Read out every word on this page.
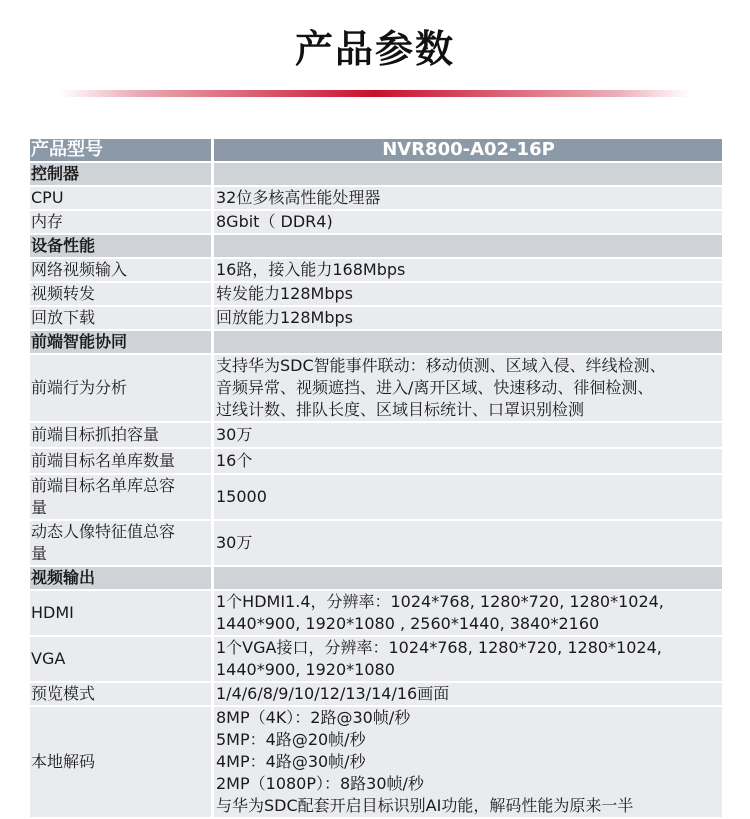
产品参数
产品型号	NVR800-A02-16P
控制器	
CPU	32位多核高性能处理器
内存	8Gbit（ DDR4)
设备性能	
网络视频输入	16路，接入能力168Mbps
视频转发	转发能力128Mbps
回放下载	回放能力128Mbps
前端智能协同	
前端行为分析	支持华为SDC智能事件联动：移动侦测、区域入侵、绊线检测、
音频异常、视频遮挡、进入/离开区域、快速移动、徘徊检测、
过线计数、排队长度、区域目标统计、口罩识别检测

前端目标抓拍容量	30万
前端目标名单库数量	16个

前端目标名单库总容
量	15000

动态人像特征值总容
量	30万
视频输出	
HDMI	1个HDMI1.4，分辨率：1024*768, 1280*720, 1280*1024,
1440*900, 1920*1080 , 2560*1440, 3840*2160

VGA	1个VGA接口，分辨率：1024*768, 1280*720, 1280*1024,
1440*900, 1920*1080

预览模式	1/4/6/8/9/10/12/13/14/16画面
本地解码	8MP（4K）：2路@30帧/秒
5MP：4路@20帧/秒
4MP：4路@30帧/秒
2MP（1080P）：8路30帧/秒
与华为SDC配套开启目标识别AI功能，解码性能为原来一半
